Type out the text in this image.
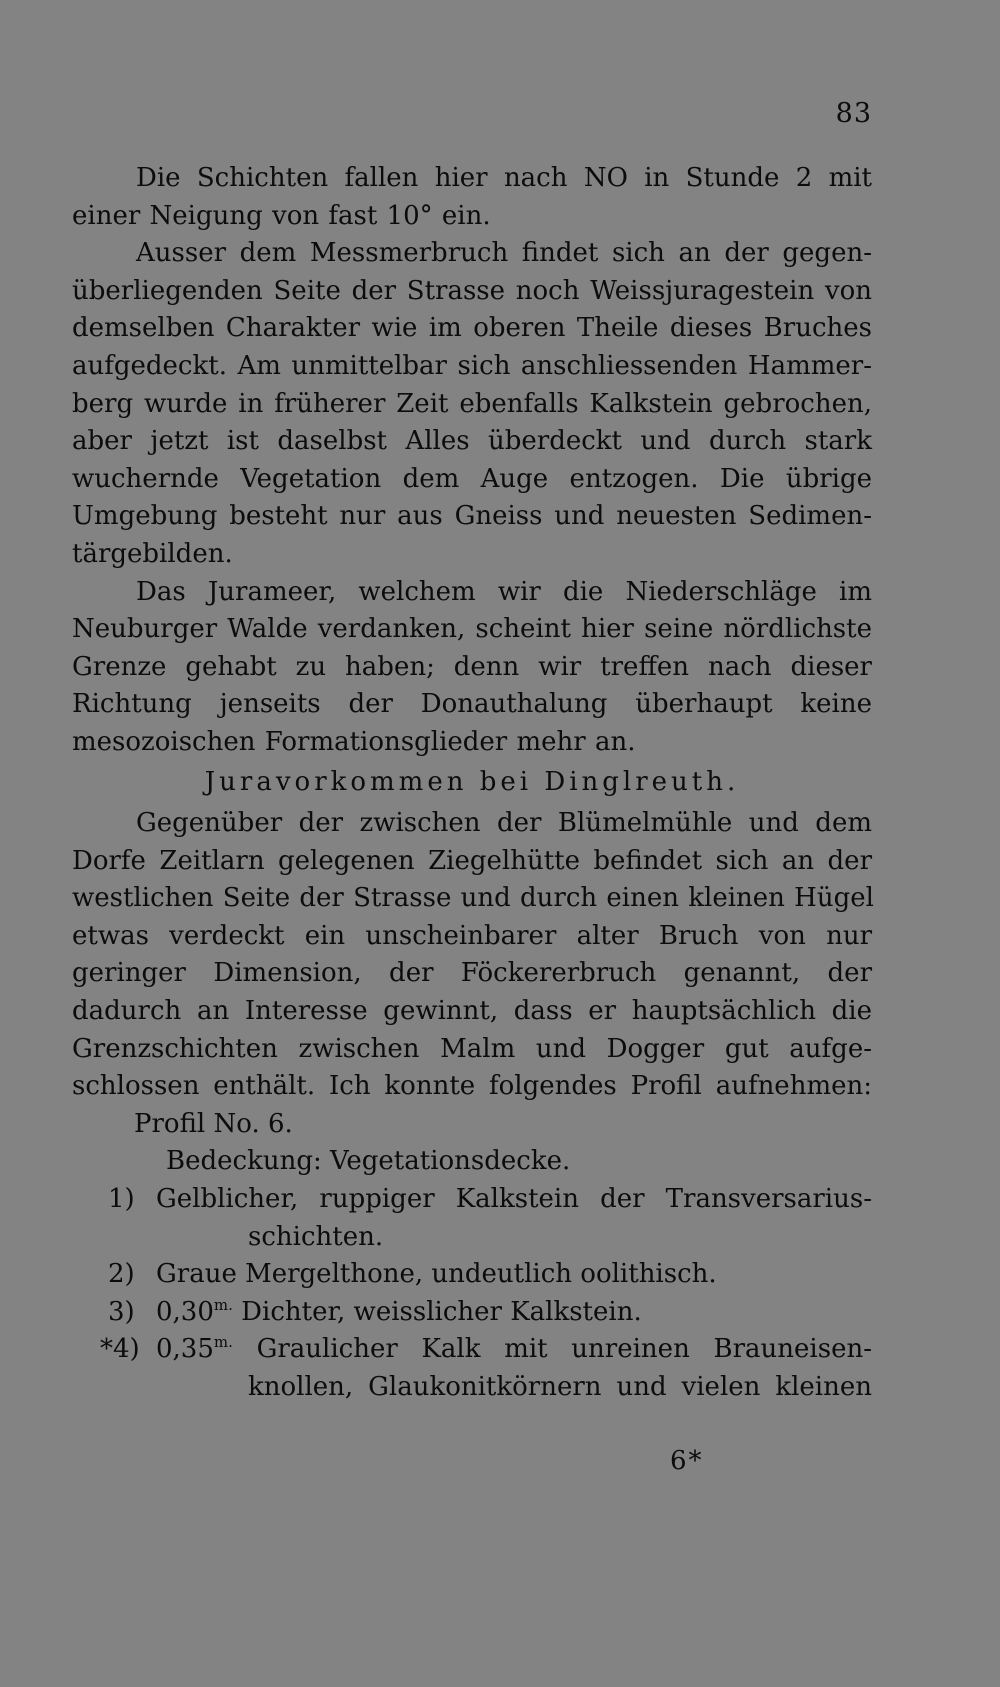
83

Die Schichten fallen hier nach NO in Stunde 2 mit
einer Neigung von fast 10° ein.

Ausser dem Messmerbruch findet sich an der gegen-
überliegenden Seite der Strasse noch Weissjuragestein von
demselben Charakter wie im oberen Theile dieses Bruches
aufgedeckt. Am unmittelbar sich anschliessenden Hammer-
berg wurde in früherer Zeit ebenfalls Kalkstein gebrochen,
aber jetzt ist daselbst Alles überdeckt und durch stark
wuchernde Vegetation dem Auge entzogen. Die übrige
Umgebung besteht nur aus Gneiss und neuesten Sedimen-
tärgebilden.

Das Jurameer, welchem wir die Niederschläge im
Neuburger Walde verdanken, scheint hier seine nördlichste
Grenze gehabt zu haben; denn wir treffen nach dieser
Richtung jenseits der Donauthalung überhaupt keine
mesozoischen Formationsglieder mehr an.

Juravorkommen bei Dinglreuth.

Gegenüber der zwischen der Blümelmühle und dem
Dorfe Zeitlarn gelegenen Ziegelhütte befindet sich an der
westlichen Seite der Strasse und durch einen kleinen Hügel
etwas verdeckt ein unscheinbarer alter Bruch von nur
geringer Dimension, der Föckererbruch genannt, der
dadurch an Interesse gewinnt, dass er hauptsächlich die
Grenzschichten zwischen Malm und Dogger gut aufge-
schlossen enthält. Ich konnte folgendes Profil aufnehmen:

Profil No. 6.
Bedeckung: Vegetationsdecke.
1) Gelblicher, ruppiger Kalkstein der Transversarius-
schichten.
2) Graue Mergelthone, undeutlich oolithisch.
3) $0,30^{m.}$ Dichter, weisslicher Kalkstein.
*4) $0,35^{m.}$ Graulicher Kalk mit unreinen Brauneisen-
knollen, Glaukonitkörnern und vielen kleinen
6*
